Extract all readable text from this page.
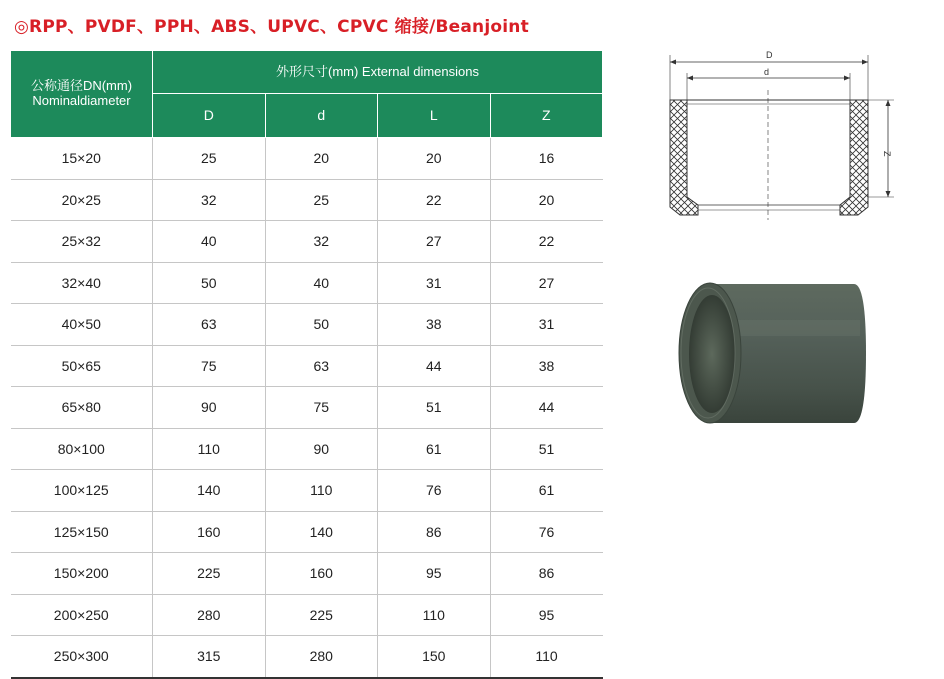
◎RPP、PVDF、PPH、ABS、UPVC、CPVC 缩接/Beanjoint
公称通径DN(mm)
Nominaldiameter	外形尺寸(mm) External dimensions			
	D	d	L	Z
15×20	25	20	20	16
20×25	32	25	22	20
25×32	40	32	27	22
32×40	50	40	31	27
40×50	63	50	38	31
50×65	75	63	44	38
65×80	90	75	51	44
80×100	110	90	61	51
100×125	140	110	76	61
125×150	160	140	86	76
150×200	225	160	95	86
200×250	280	225	110	95
250×300	315	280	150	110
D
d
Z
